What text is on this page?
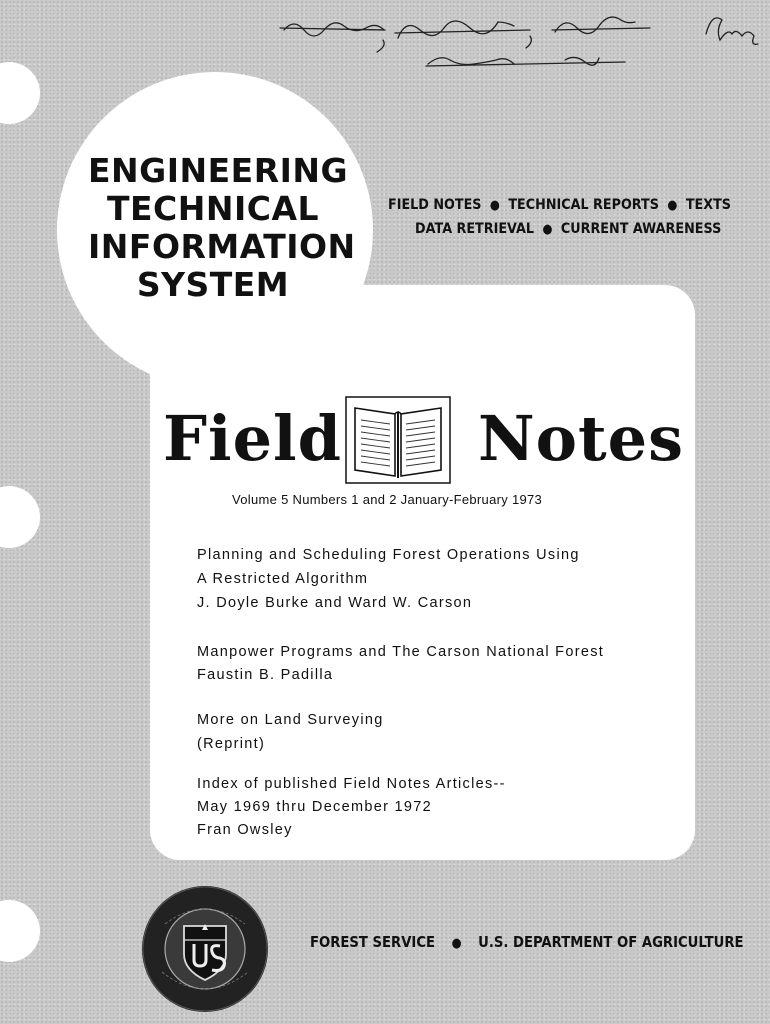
ENGINEERING
TECHNICAL
INFORMATION
SYSTEM
FIELD NOTES  ●  TECHNICAL REPORTS  ●  TEXTS
DATA RETRIEVAL  ●  CURRENT AWARENESS
Field Notes
Volume 5 Numbers 1 and 2 January-February 1973
Planning and Scheduling Forest Operations Using
A Restricted Algorithm
J. Doyle Burke and Ward W. Carson
Manpower Programs and The Carson National Forest
Faustin B. Padilla
More on Land Surveying
(Reprint)
Index of published Field Notes Articles--
May 1969 thru December 1972
Fran Owsley
FOREST SERVICE    ●    U.S. DEPARTMENT OF AGRICULTURE
